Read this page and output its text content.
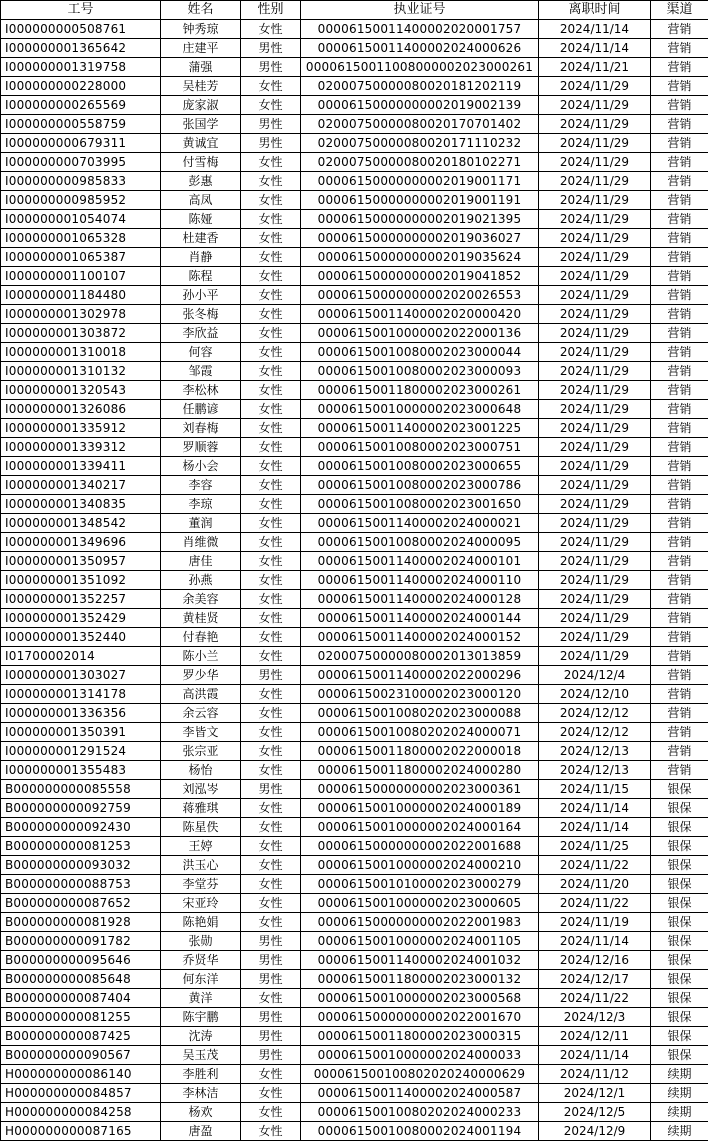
工号	姓名	性别	执业证号	离职时间	渠道
I000000000508761	钟秀琼	女性	00006150011400002020001757	2024/11/14	营销
I000000001365642	庄建平	男性	00006150011400002024000626	2024/11/14	营销
I000000001319758	蒲强	男性	00006150011008000002023000261	2024/11/21	营销
I000000000228000	吴桂芳	女性	02000750000080020181202119	2024/11/29	营销
I000000000265569	庞家淑	女性	00006150000000002019002139	2024/11/29	营销
I000000000558759	张国学	男性	02000750000080020170701402	2024/11/29	营销
I000000000679311	黄诚宜	男性	02000750000080020171110232	2024/11/29	营销
I000000000703995	付雪梅	女性	02000750000080020180102271	2024/11/29	营销
I000000000985833	彭惠	女性	00006150000000002019001171	2024/11/29	营销
I000000000985952	高凤	女性	00006150000000002019001191	2024/11/29	营销
I000000001054074	陈娅	女性	00006150000000002019021395	2024/11/29	营销
I000000001065328	杜建香	女性	00006150000000002019036027	2024/11/29	营销
I000000001065387	肖静	女性	00006150000000002019035624	2024/11/29	营销
I000000001100107	陈程	女性	00006150000000002019041852	2024/11/29	营销
I000000001184480	孙小平	女性	00006150000000002020026553	2024/11/29	营销
I000000001302978	张冬梅	女性	00006150011400002020000420	2024/11/29	营销
I000000001303872	李欣益	女性	00006150010000002022000136	2024/11/29	营销
I000000001310018	何容	女性	00006150010080002023000044	2024/11/29	营销
I000000001310132	邹霞	女性	00006150010080002023000093	2024/11/29	营销
I000000001320543	李松林	女性	00006150011800002023000261	2024/11/29	营销
I000000001326086	任鹏谚	女性	00006150010000002023000648	2024/11/29	营销
I000000001335912	刘春梅	女性	00006150011400002023001225	2024/11/29	营销
I000000001339312	罗顺蓉	女性	00006150010080002023000751	2024/11/29	营销
I000000001339411	杨小会	女性	00006150010080002023000655	2024/11/29	营销
I000000001340217	李容	女性	00006150010080002023000786	2024/11/29	营销
I000000001340835	李琼	女性	00006150010080002023001650	2024/11/29	营销
I000000001348542	董润	女性	00006150011400002024000021	2024/11/29	营销
I000000001349696	肖维微	女性	00006150010080002024000095	2024/11/29	营销
I000000001350957	唐佳	女性	00006150011400002024000101	2024/11/29	营销
I000000001351092	孙燕	女性	00006150011400002024000110	2024/11/29	营销
I000000001352257	余美容	女性	00006150011400002024000128	2024/11/29	营销
I000000001352429	黄桂贤	女性	00006150011400002024000144	2024/11/29	营销
I000000001352440	付春艳	女性	00006150011400002024000152	2024/11/29	营销
I01700002014	陈小兰	女性	02000750000080002013013859	2024/11/29	营销
I000000001303027	罗少华	男性	00006150011400002022000296	2024/12/4	营销
I000000001314178	高洪霞	女性	00006150023100002023000120	2024/12/10	营销
I000000001336356	余云容	女性	00006150010080202023000088	2024/12/12	营销
I000000001350391	李皆文	女性	00006150010080202024000071	2024/12/12	营销
I000000001291524	张宗亚	女性	00006150011800002022000018	2024/12/13	营销
I000000001355483	杨怡	女性	00006150011800002024000280	2024/12/13	营销
B000000000085558	刘泓岑	男性	00006150000000002023000361	2024/11/15	银保
B000000000092759	蒋雅琪	女性	00006150010000002024000189	2024/11/14	银保
B000000000092430	陈星佚	女性	00006150010000002024000164	2024/11/14	银保
B000000000081253	王婷	女性	00006150000000002022001688	2024/11/25	银保
B000000000093032	洪玉心	女性	00006150010000002024000210	2024/11/22	银保
B000000000088753	李堂芬	女性	00006150010100002023000279	2024/11/20	银保
B000000000087652	宋亚玲	女性	00006150010000002023000605	2024/11/22	银保
B000000000081928	陈艳娟	女性	00006150000000002022001983	2024/11/19	银保
B000000000091782	张勋	男性	00006150010000002024001105	2024/11/14	银保
B000000000095646	乔贤华	男性	00006150011400002024001032	2024/12/16	银保
B000000000085648	何东洋	男性	00006150011800002023000132	2024/12/17	银保
B000000000087404	黄洋	女性	00006150010000002023000568	2024/11/22	银保
B000000000081255	陈宇鹏	男性	00006150000000002022001670	2024/12/3	银保
B000000000087425	沈涛	男性	00006150011800002023000315	2024/12/11	银保
B000000000090567	吴玉茂	男性	00006150010000002024000033	2024/11/14	银保
H000000000086140	李胜利	女性	000061500100802020240000629	2024/11/12	续期
H000000000084857	李林洁	女性	00006150011400002024000587	2024/12/1	续期
H000000000084258	杨欢	女性	00006150010080202024000233	2024/12/5	续期
H000000000087165	唐盈	女性	00006150010080002024001194	2024/12/9	续期
